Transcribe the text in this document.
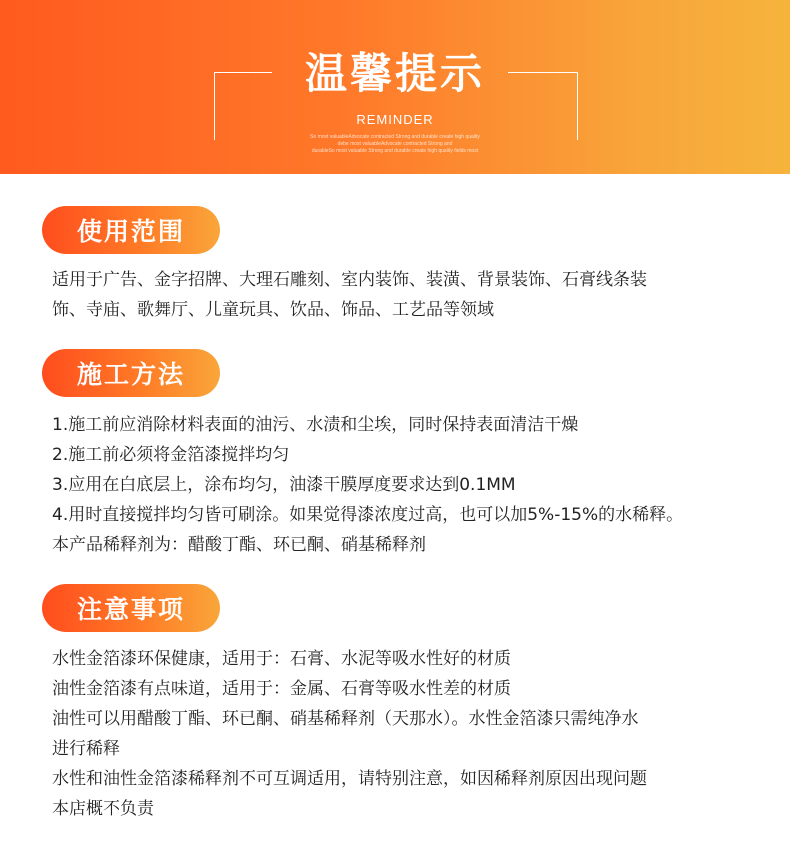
温馨提示
REMINDER
So most valuableAdvocate contracted Strong and durable create high quality
debe most valuableAdvocate contracted Strong and
durableSo most valuable Strong and durable create high quality fields most
使用范围
适用于广告、金字招牌、大理石雕刻、室内装饰、装潢、背景装饰、石膏线条装
饰、寺庙、歌舞厅、儿童玩具、饮品、饰品、工艺品等领域
施工方法
1.施工前应消除材料表面的油污、水渍和尘埃，同时保持表面清洁干燥
2.施工前必须将金箔漆搅拌均匀
3.应用在白底层上，涂布均匀，油漆干膜厚度要求达到0.1MM
4.用时直接搅拌均匀皆可刷涂。如果觉得漆浓度过高，也可以加5%-15%的水稀释。
本产品稀释剂为：醋酸丁酯、环已酮、硝基稀释剂
注意事项
水性金箔漆环保健康，适用于：石膏、水泥等吸水性好的材质
油性金箔漆有点味道，适用于：金属、石膏等吸水性差的材质
油性可以用醋酸丁酯、环已酮、硝基稀释剂（天那水）。水性金箔漆只需纯净水
进行稀释
水性和油性金箔漆稀释剂不可互调适用，请特别注意，如因稀释剂原因出现问题
本店概不负责
